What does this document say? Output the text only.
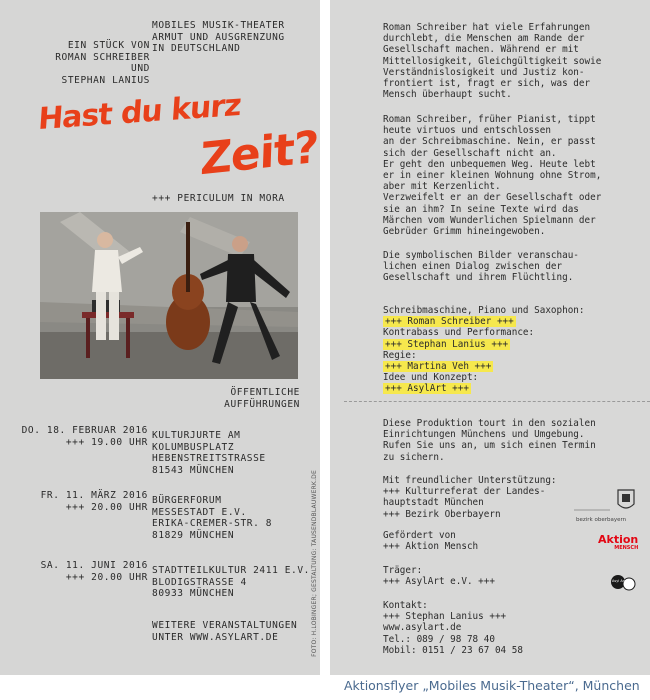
EIN STÜCK VON
ROMAN SCHREIBER
UND
STEPHAN LANIUS
MOBILES MUSIK-THEATER
ARMUT UND AUSGRENZUNG
IN DEUTSCHLAND
Hast du kurz
Zeit?
+++ PERICULUM IN MORA
ÖFFENTLICHE AUFFÜHRUNGEN
DO. 18. FEBRUAR 2016
+++ 19.00 UHR
KULTURJURTE AM
KOLUMBUSPLATZ
HEBENSTREITSTRASSE
81543 MÜNCHEN
FR. 11. MÄRZ 2016
+++ 20.00 UHR
BÜRGERFORUM
MESSESTADT E.V.
ERIKA-CREMER-STR. 8
81829 MÜNCHEN
SA. 11. JUNI 2016
+++ 20.00 UHR
STADTTEILKULTUR 2411 E.V.
BLODIGSTRASSE 4
80933 MÜNCHEN
WEITERE VERANSTALTUNGEN
UNTER WWW.ASYLART.DE	FOTO: H.LOBINGER; GESTALTUNG: TAUSENDBLAUWERK.DE
Roman Schreiber hat viele Erfahrungen
durchlebt, die Menschen am Rande der
Gesellschaft machen. Während er mit
Mittellosigkeit, Gleichgültigkeit sowie
Verständnislosigkeit und Justiz kon-
frontiert ist, fragt er sich, was der
Mensch überhaupt sucht.
Roman Schreiber, früher Pianist, tippt
heute virtuos und entschlossen
an der Schreibmaschine. Nein, er passt
sich der Gesellschaft nicht an.
Er geht den unbequemen Weg. Heute lebt
er in einer kleinen Wohnung ohne Strom,
aber mit Kerzenlicht.
Verzweifelt er an der Gesellschaft oder
sie an ihm? In seine Texte wird das
Märchen vom Wunderlichen Spielmann der
Gebrüder Grimm hineingewoben.
Die symbolischen Bilder veranschau-
lichen einen Dialog zwischen der
Gesellschaft und ihrem Flüchtling.
Schreibmaschine, Piano und Saxophon:
+++ Roman Schreiber +++
Kontrabass und Performance:
+++ Stephan Lanius +++
Regie:
+++ Martina Veh +++
Idee und Konzept:
+++ AsylArt +++
Diese Produktion tourt in den sozialen
Einrichtungen Münchens und Umgebung.
Rufen Sie uns an, um sich einen Termin
zu sichern.
Mit freundlicher Unterstützung:
+++ Kulturreferat der Landes-
hauptstadt München
+++ Bezirk Oberbayern
Gefördert von
+++ Aktion Mensch
Träger:
+++ AsylArt e.V. +++
Kontakt:
+++ Stephan Lanius +++
www.asylart.de
Tel.: 089 / 98 78 40
Mobil: 0151 / 23 67 04 58
bezirk oberbayern
Aktion
MENSCH
Asyl Art
Aktionsflyer „Mobiles Musik-Theater“, München
